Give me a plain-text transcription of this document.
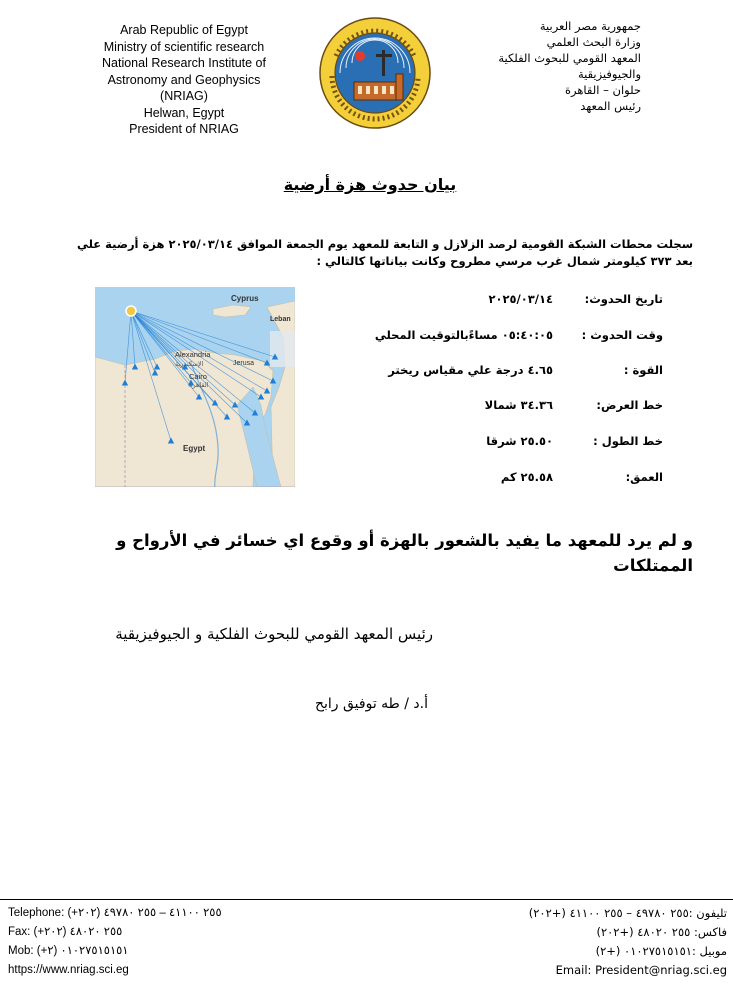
Arab Republic of Egypt
Ministry of scientific research
National Research Institute of
Astronomy and Geophysics
(NRIAG)
Helwan, Egypt
President of NRIAG
جمهورية مصر العربية
وزارة البحث العلمي
المعهد القومي للبحوث الفلكية
والجيوفيزيقية
حلوان – القاهرة
رئيس المعهد
بيان حدوث هزة أرضية
سجلت محطات الشبكة القومية لرصد الزلازل و التابعة للمعهد يوم الجمعة الموافق ٢٠٢٥/٠٣/١٤ هزة أرضية علي بعد ٣٧٣ كيلومتر شمال غرب مرسي مطروح وكانت بياناتها كالتالي :
Cyprus
Leban
Alexandria
الإسكندرية	Jerusa
Cairo
القاهرة
Egypt
تاريخ الحدوث:
٢٠٢٥/٠٣/١٤
وقت الحدوث :
٠٥:٤٠:٠٥ مساءًبالتوقيت المحلي
القوة :
٤.٦٥ درجة علي مقياس ريختر
خط العرض:
٣٤.٣٦ شمالا
خط الطول :
٢٥.٥٠ شرقا
العمق:
٢٥.٥٨ كم
و لم يرد للمعهد ما يفيد بالشعور بالهزة أو وقوع اي خسائر في الأرواح و الممتلكات
رئيس المعهد القومي للبحوث الفلكية و الجيوفيزيقية
أ.د / طه توفيق رابح
Telephone: (+٢٠٢) ٢٥٥ ٤١١٠٠ – ٢٥٥ ٤٩٧٨٠
Fax: (+٢٠٢) ٢٥٥ ٤٨٠٢٠
Mob: (+٢) ٠١٠٢٧٥١٥١٥١
https://www.nriag.sci.eg
تليفون :٢٥٥ ٤٩٧٨٠ – ٢٥٥ ٤١١٠٠ (+٢٠٢)
فاكس: ٢٥٥ ٤٨٠٢٠ (+٢٠٢)
موبيل :٠١٠٢٧٥١٥١٥١ (+٢)
Email: President@nriag.sci.eg
